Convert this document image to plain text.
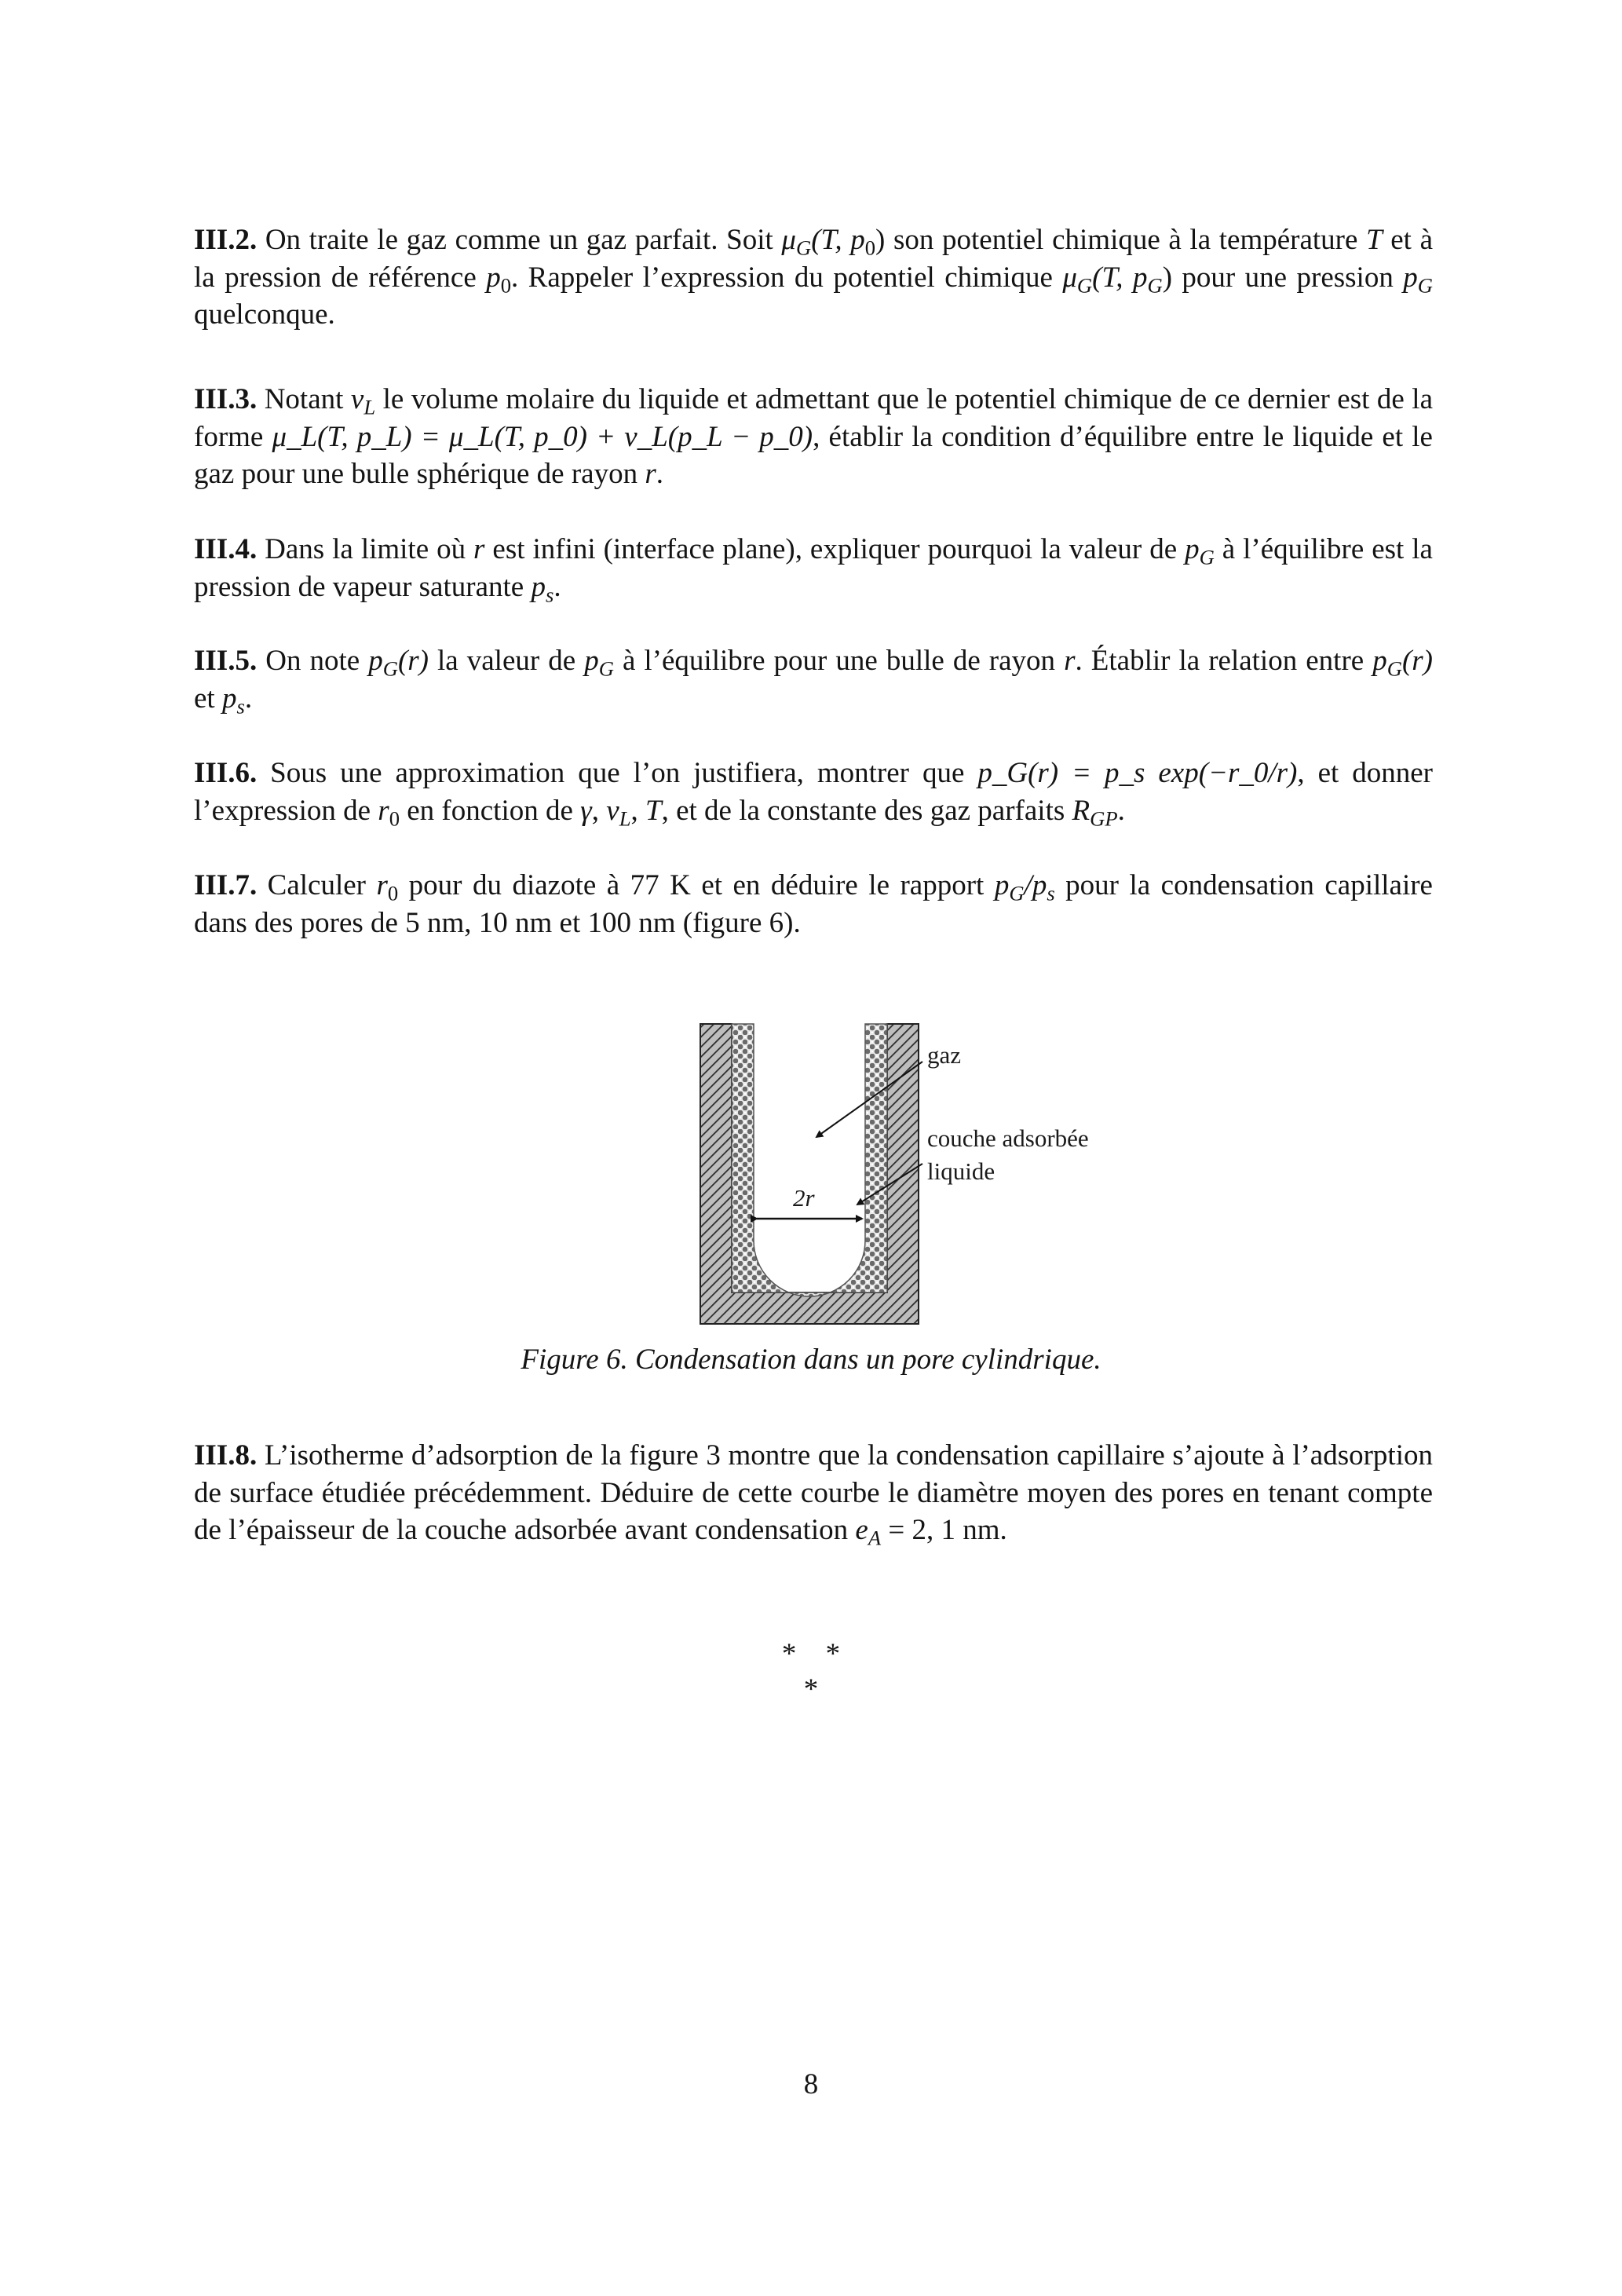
III.2. On traite le gaz comme un gaz parfait. Soit $\mu_G(T$, $p_0$) son potentiel chimique à la température T et à la pression de référence $p_0$. Rappeler l’expression du potentiel chimique $\mu_G(T$, $p_G$) pour une pression $p_G$ quelconque.
III.3. Notant $v_L$ le volume molaire du liquide et admettant que le potentiel chimique de ce dernier est de la forme μ_L(T, p_L) = μ_L(T, p_0) + v_L(p_L − p_0), établir la condition d’équilibre entre le liquide et le gaz pour une bulle sphérique de rayon r.
III.4. Dans la limite où r est infini (interface plane), expliquer pourquoi la valeur de $p_G$ à l’équilibre est la pression de vapeur saturante $p_s$.
III.5. On note $p_G(r)$ la valeur de $p_G$ à l’équilibre pour une bulle de rayon r. Établir la relation entre $p_G(r)$ et $p_s$.
III.6. Sous une approximation que l’on justifiera, montrer que p_G(r) = p_s exp(−r_0/r), et donner l’expression de $r_0$ en fonction de γ, $v_L$, T, et de la constante des gaz parfaits $R_{GP}$.
III.7. Calculer $r_0$ pour du diazote à 77 K et en déduire le rapport $p_G/p_s$ pour la condensation capillaire dans des pores de 5 nm, 10 nm et 100 nm (figure 6).
2r
gaz
couche adsorbée
liquide
Figure 6. Condensation dans un pore cylindrique.
III.8. L’isotherme d’adsorption de la figure 3 montre que la condensation capillaire s’ajoute à l’adsorption de surface étudiée précédemment. Déduire de cette courbe le diamètre moyen des pores en tenant compte de l’épaisseur de la couche adsorbée avant condensation $e_A = 2$, 1 nm.
* *
*
8
